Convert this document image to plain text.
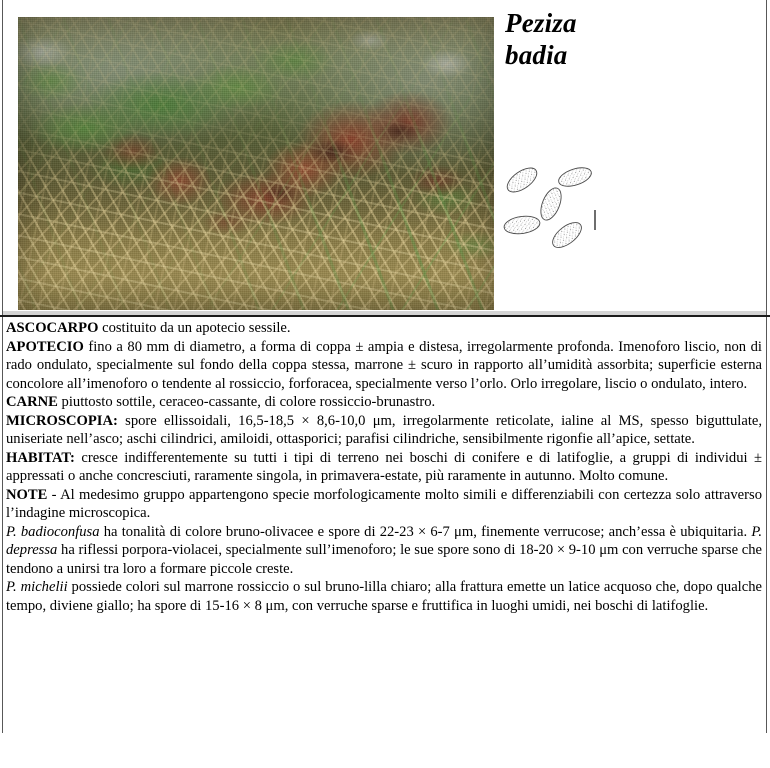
Peziza
badia

ASCOCARPO costituito da un apotecio sessile.

APOTECIO fino a 80 mm di diametro, a forma di coppa ± ampia e distesa, irregolarmente profonda. Imenoforo liscio, non di rado ondulato, specialmente sul fondo della coppa stessa, marrone ± scuro in rapporto all’umidità assorbita; superficie esterna concolore all’imenoforo o tendente al rossiccio, forforacea, specialmente verso l’orlo. Orlo irregolare, liscio o ondulato, intero.

CARNE piuttosto sottile, ceraceo-cassante, di colore rossiccio-brunastro.

MICROSCOPIA: spore ellissoidali, 16,5-18,5 × 8,6-10,0 μm, irregolarmente reticolate, ialine al MS, spesso biguttulate, uniseriate nell’asco; aschi cilindrici, amiloidi, ottasporici; parafisi cilindriche, sensibilmente rigonfie all’apice, settate.

HABITAT: cresce indifferentemente su tutti i tipi di terreno nei boschi di conifere e di latifoglie, a gruppi di individui ± appressati o anche concresciuti, raramente singola, in primavera-estate, più raramente in autunno. Molto comune.

NOTE - Al medesimo gruppo appartengono specie morfologicamente molto simili e differenziabili con certezza solo attraverso l’indagine microscopica.

P. badioconfusa ha tonalità di colore bruno-olivacee e spore di 22-23 × 6-7 μm, finemente verrucose; anch’essa è ubiquitaria. P. depressa ha riflessi porpora-violacei, specialmente sull’imenoforo; le sue spore sono di 18-20 × 9-10 μm con verruche sparse che tendono a unirsi tra loro a formare piccole creste.

P. michelii possiede colori sul marrone rossiccio o sul bruno-lilla chiaro; alla frattura emette un latice acquoso che, dopo qualche tempo, diviene giallo; ha spore di 15-16 × 8 μm, con verruche sparse e fruttifica in luoghi umidi, nei boschi di latifoglie.
